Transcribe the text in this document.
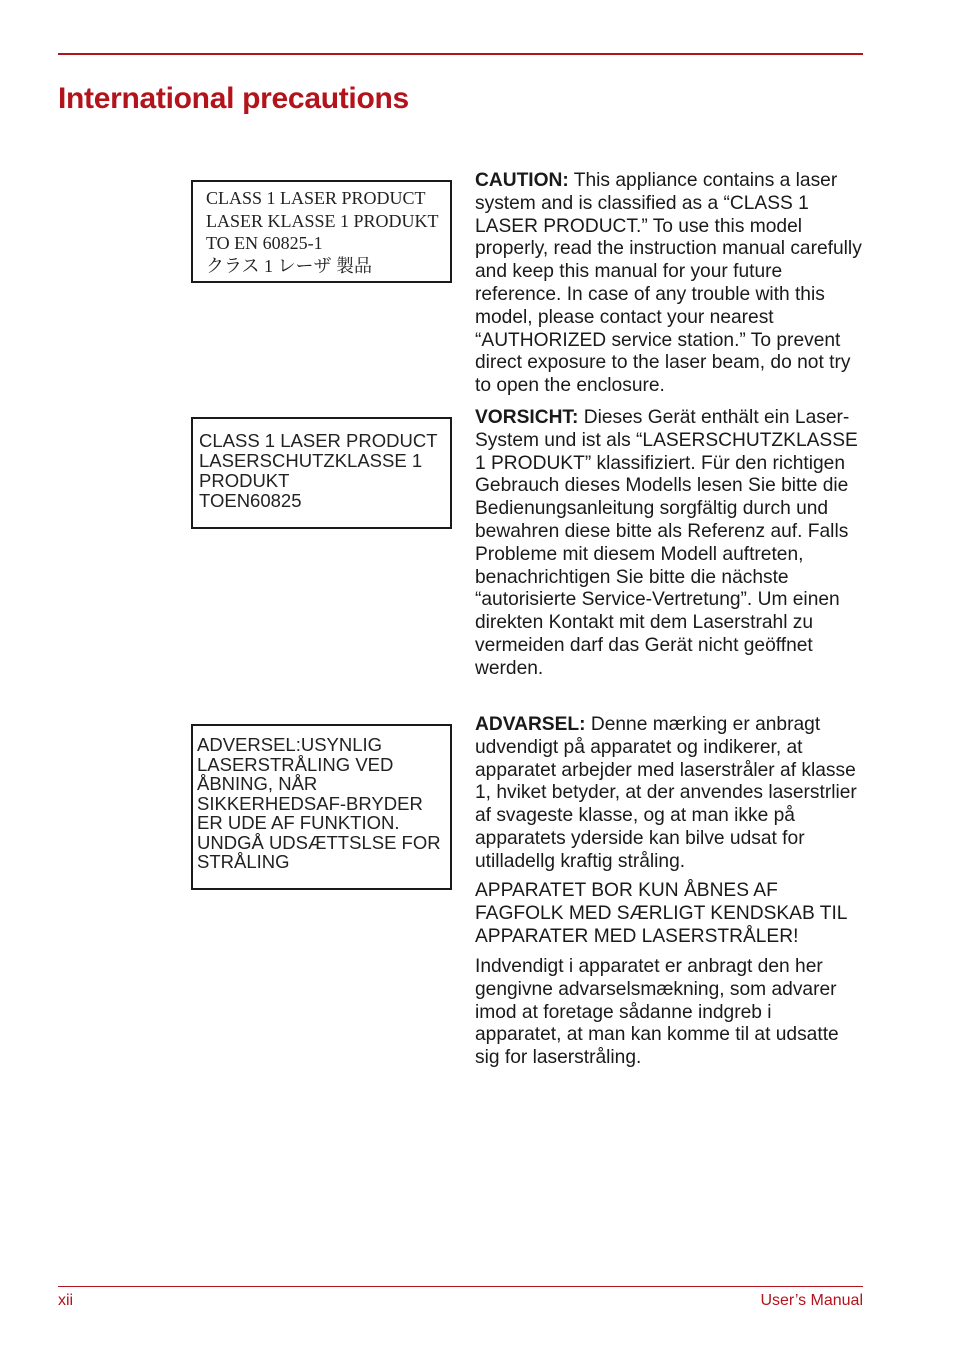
International precautions
CLASS 1 LASER PRODUCT
LASER KLASSE 1 PRODUKT
TO EN 60825-1
クラス 1 レーザ 製品
CLASS 1 LASER PRODUCT
LASERSCHUTZKLASSE 1
PRODUKT
TOEN60825
ADVERSEL:USYNLIG
LASERSTRÅLING VED
ÅBNING, NÅR
SIKKERHEDSAF-BRYDER
ER UDE AF FUNKTION.
UNDGÅ UDSÆTTSLSE FOR
STRÅLING

CAUTION: This appliance contains a laser system and is classified as a “CLASS 1 LASER PRODUCT.” To use this model properly, read the instruction manual carefully and keep this manual for your future reference. In case of any trouble with this model, please contact your nearest “AUTHORIZED service station.” To prevent direct exposure to the laser beam, do not try to open the enclosure.

VORSICHT: Dieses Gerät enthält ein Laser-System und ist als “LASERSCHUTZKLASSE 1 PRODUKT” klassifiziert. Für den richtigen Gebrauch dieses Modells lesen Sie bitte die Bedienungsanleitung sorgfältig durch und bewahren diese bitte als Referenz auf. Falls Probleme mit diesem Modell auftreten, benachrichtigen Sie bitte die nächste “autorisierte Service-Vertretung”. Um einen direkten Kontakt mit dem Laserstrahl zu vermeiden darf das Gerät nicht geöffnet werden.

ADVARSEL: Denne mærking er anbragt udvendigt på apparatet og indikerer, at apparatet arbejder med laserstråler af klasse 1, hviket betyder, at der anvendes laserstrlier af svageste klasse, og at man ikke på apparatets yderside kan bilve udsat for utilladellg kraftig stråling.

APPARATET BOR KUN ÅBNES AF FAGFOLK MED SÆRLIGT KENDSKAB TIL APPARATER MED LASERSTRÅLER!

Indvendigt i apparatet er anbragt den her gengivne advarselsmækning, som advarer imod at foretage sådanne indgreb i apparatet, at man kan komme til at udsatte sig for laserstråling.

xii	User’s Manual
